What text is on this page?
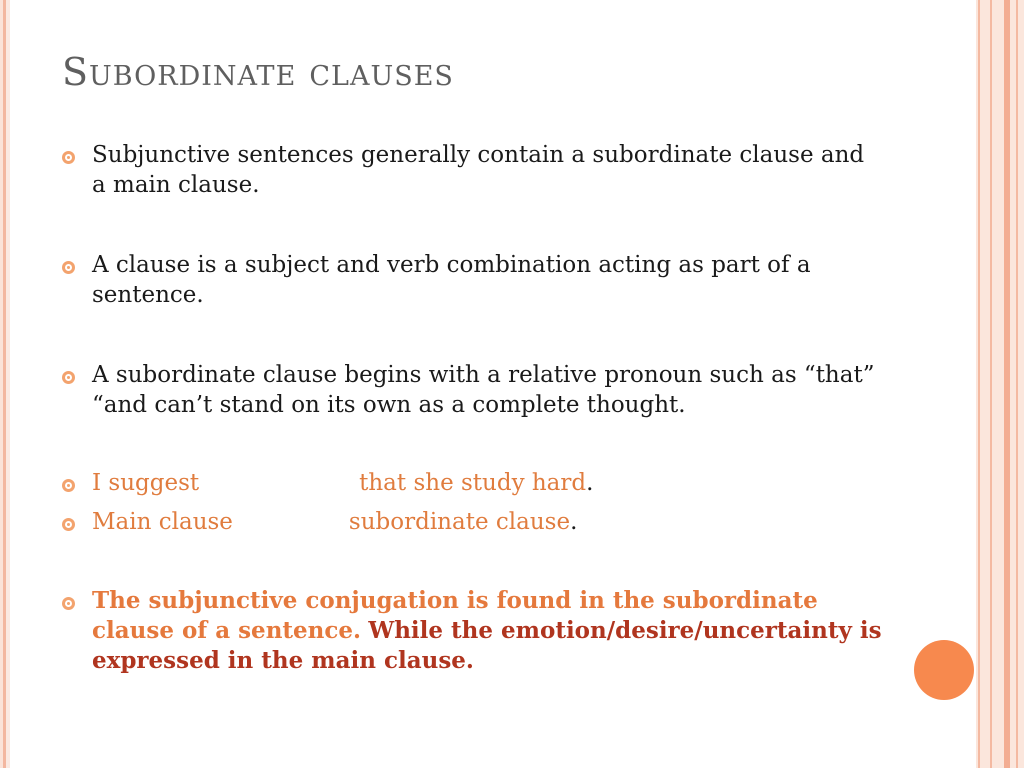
Subordinate clauses
Subjunctive sentences generally contain a subordinate clause and a main clause.
A clause is a subject and verb combination acting as part of a sentence.
A subordinate clause begins with a relative pronoun such as “that” “and can’t stand on its own as a complete thought.
I suggest	that she study hard.
Main clause	subordinate clause.
The subjunctive conjugation is found in the subordinate clause of a sentence. While the emotion/desire/uncertainty is expressed in the main clause.
